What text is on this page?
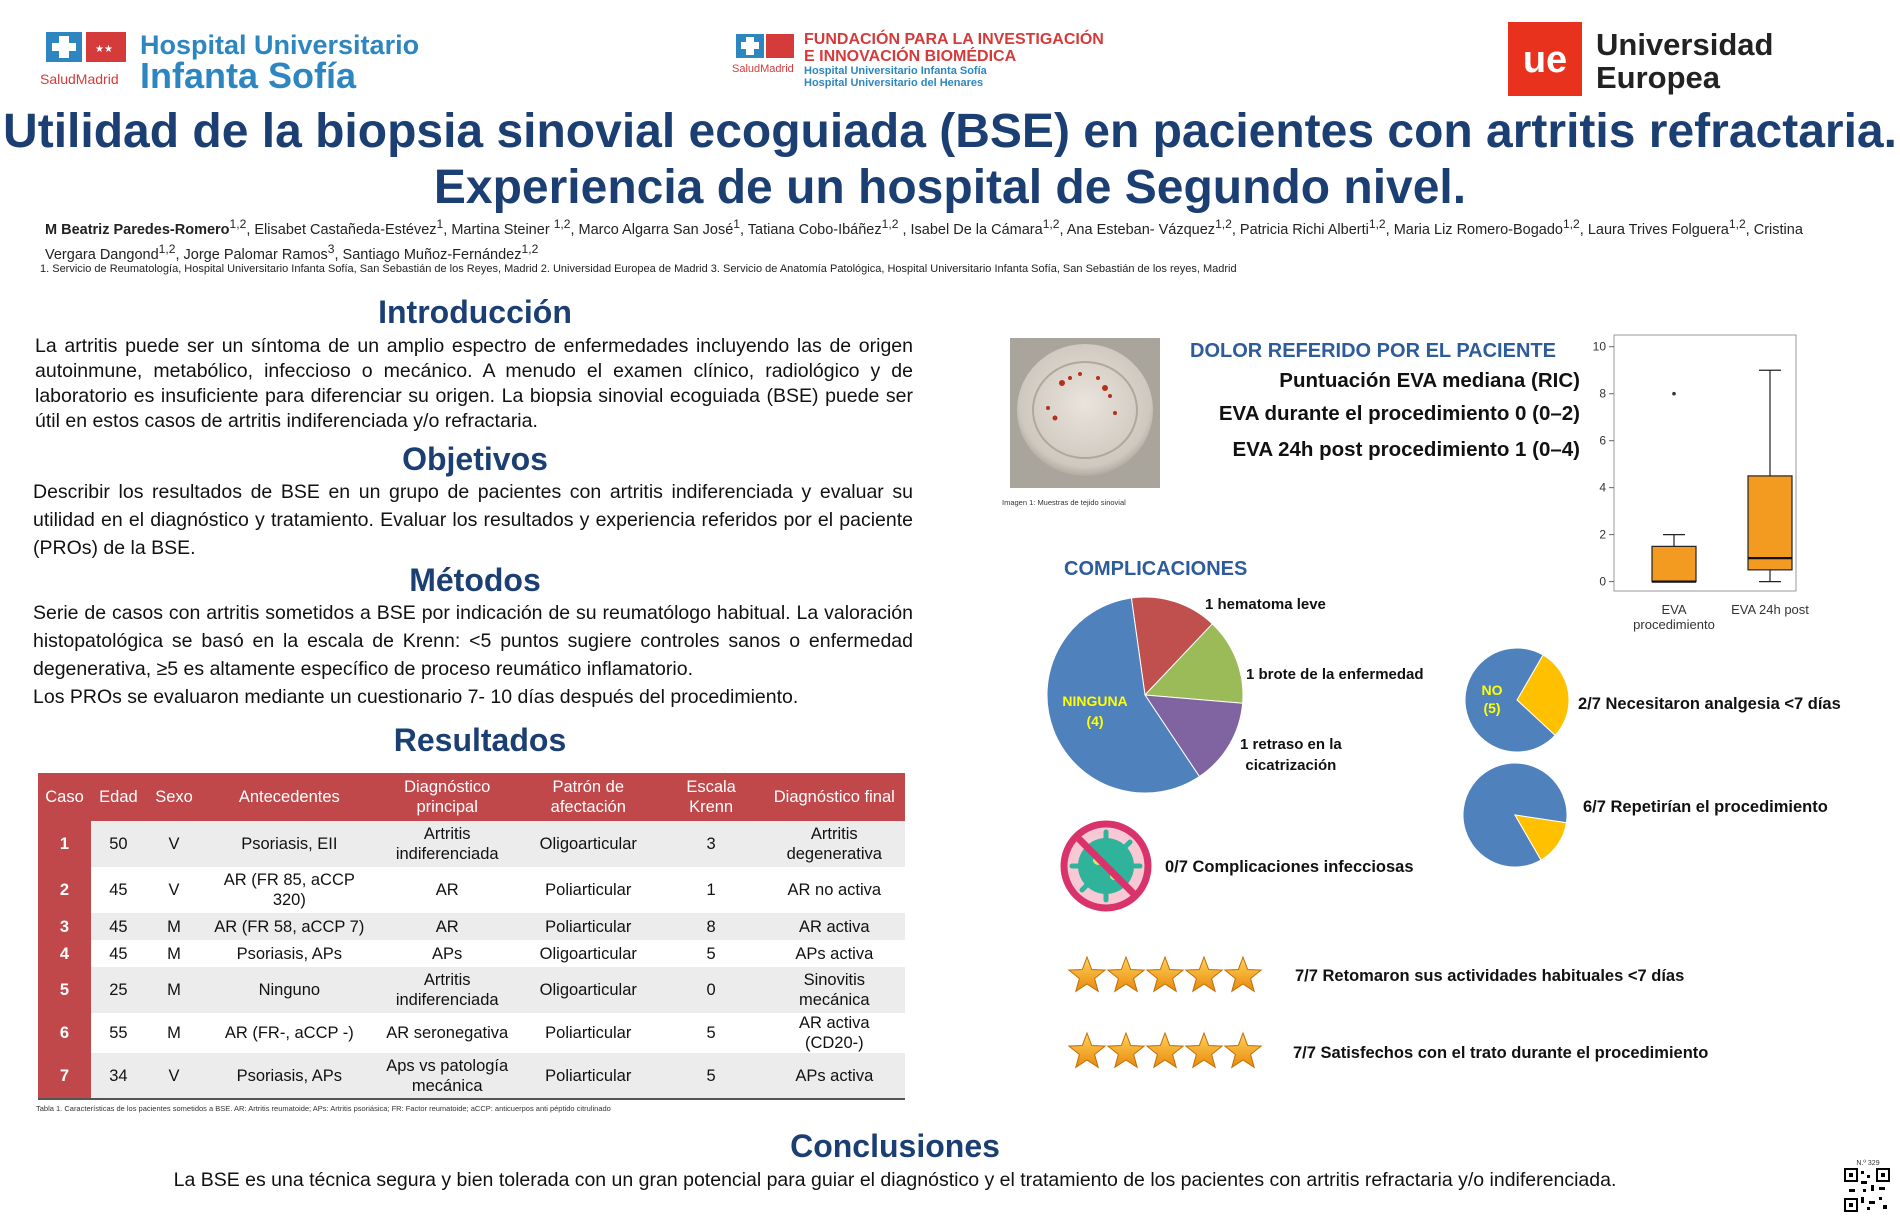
★★
SaludMadrid
Hospital Universitario
Infanta Sofía	SaludMadrid
FUNDACIÓN PARA LA INVESTIGACIÓN
E INNOVACIÓN BIOMÉDICA
Hospital Universitario Infanta Sofía
Hospital Universitario del Henares
ue Universidad
Europea
Utilidad de la biopsia sinovial ecoguiada (BSE) en pacientes con artritis refractaria.
Experiencia de un hospital de Segundo nivel.
M Beatriz Paredes-Romero$^{1,2}$, Elisabet Castañeda-Estévez$^1$, Martina Steiner $^{1,2}$, Marco Algarra San José$^1$, Tatiana Cobo-Ibáñez$^{1,2}$ , Isabel De la Cámara$^{1,2}$, Ana Esteban- Vázquez$^{1,2}$, Patricia Richi Alberti$^{1,2}$, Maria Liz Romero-Bogado$^{1,2}$, Laura Trives Folguera$^{1,2}$, Cristina Vergara Dangond$^{1,2}$, Jorge Palomar Ramos$^3$, Santiago Muñoz-Fernández$^{1,2}$
1. Servicio de Reumatología, Hospital Universitario Infanta Sofía, San Sebastián de los Reyes, Madrid 2. Universidad Europea de Madrid 3. Servicio de Anatomía Patológica, Hospital Universitario Infanta Sofía, San Sebastián de los reyes, Madrid
Introducción
La artritis puede ser un síntoma de un amplio espectro de enfermedades incluyendo las de origen autoinmune, metabólico, infeccioso o mecánico. A menudo el examen clínico, radiológico y de laboratorio es insuficiente para diferenciar su origen. La biopsia sinovial ecoguiada (BSE) puede ser útil en estos casos de artritis indiferenciada y/o refractaria.
Objetivos
Describir los resultados de BSE en un grupo de pacientes con artritis indiferenciada y evaluar su utilidad en el diagnóstico y tratamiento. Evaluar los resultados y experiencia referidos por el paciente (PROs) de la BSE.
Métodos
Serie de casos con artritis sometidos a BSE por indicación de su reumatólogo habitual. La valoración histopatológica se basó en la escala de Krenn: <5 puntos sugiere controles sanos o enfermedad degenerativa, ≥5 es altamente específico de proceso reumático inflamatorio.
Los PROs se evaluaron mediante un cuestionario 7- 10 días después del procedimiento.
Resultados
Caso	Edad	Sexo	Antecedentes	Diagnóstico principal	Patrón de afectación	Escala Krenn	Diagnóstico final
1	50	V	Psoriasis, EII	Artritis indiferenciada	Oligoarticular	3	Artritis degenerativa
2	45	V	AR (FR 85, aCCP 320)	AR	Poliarticular	1	AR no activa
3	45	M	AR (FR 58, aCCP 7)	AR	Poliarticular	8	AR activa
4	45	M	Psoriasis, APs	APs	Oligoarticular	5	APs activa
5	25	M	Ninguno	Artritis indiferenciada	Oligoarticular	0	Sinovitis mecánica
6	55	M	AR (FR-, aCCP -)	AR seronegativa	Poliarticular	5	AR activa (CD20-)
7	34	V	Psoriasis, APs	Aps vs patología mecánica	Poliarticular	5	APs activa
Tabla 1. Características de los pacientes sometidos a BSE. AR: Artritis reumatoide; APs: Artritis psoriásica; FR: Factor reumatoide; aCCP: anticuerpos anti péptido citrulinado
Imagen 1: Muestras de tejido sinovial
DOLOR REFERIDO POR EL PACIENTE
Puntuación EVA mediana (RIC)
EVA durante el procedimiento 0 (0–2)
EVA 24h post procedimiento 1 (0–4)
0
2
4
6
8
10
EVA
procedimiento
EVA 24h post
COMPLICACIONES
NINGUNA
(4)
1 hematoma leve
1 brote de la enfermedad
1 retraso en la
cicatrización
0/7 Complicaciones infecciosas
NO
(5)	2/7 Necesitaron analgesia <7 días
6/7 Repetirían el procedimiento
7/7 Retomaron sus actividades habituales <7 días
7/7 Satisfechos con el trato durante el procedimiento
Conclusiones
La BSE es una técnica segura y bien tolerada con un gran potencial para guiar el diagnóstico y el tratamiento de los pacientes con artritis refractaria y/o indiferenciada.
N.º 329
